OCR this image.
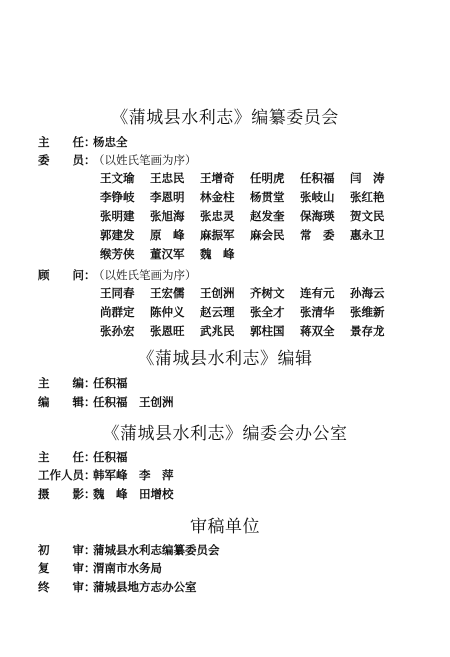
《蒲城县水利志》编纂委员会
主　　任：杨忠全
委　　员：（以姓氏笔画为序）
王文瑜	王忠民	王增奇	任明虎	任积福	闫　涛
李铮岐	李恩明	林金柱	杨贯堂	张岐山	张红艳
张明建	张旭海	张忠灵	赵发奎	保海瑛	贺文民
郭建发	原　峰	麻振军	麻会民	常　委	惠永卫
缑芳侠	董汉军	魏　峰
顾　　问：（以姓氏笔画为序）
王同春	王宏儒	王创洲	齐树文	连有元	孙海云
尚群定	陈仲义	赵云理	张全才	张清华	张维新
张孙宏	张恩旺	武兆民	郭柱国	蒋双全	景存龙
《蒲城县水利志》编辑
主　　编：任积福
编　　辑：任积福　王创洲
《蒲城县水利志》编委会办公室
主　　任：任积福
工作人员：韩军峰　李　萍
摄　　影：魏　峰　田增校
审稿单位
初　　审：蒲城县水利志编纂委员会
复　　审：渭南市水务局
终　　审：蒲城县地方志办公室
